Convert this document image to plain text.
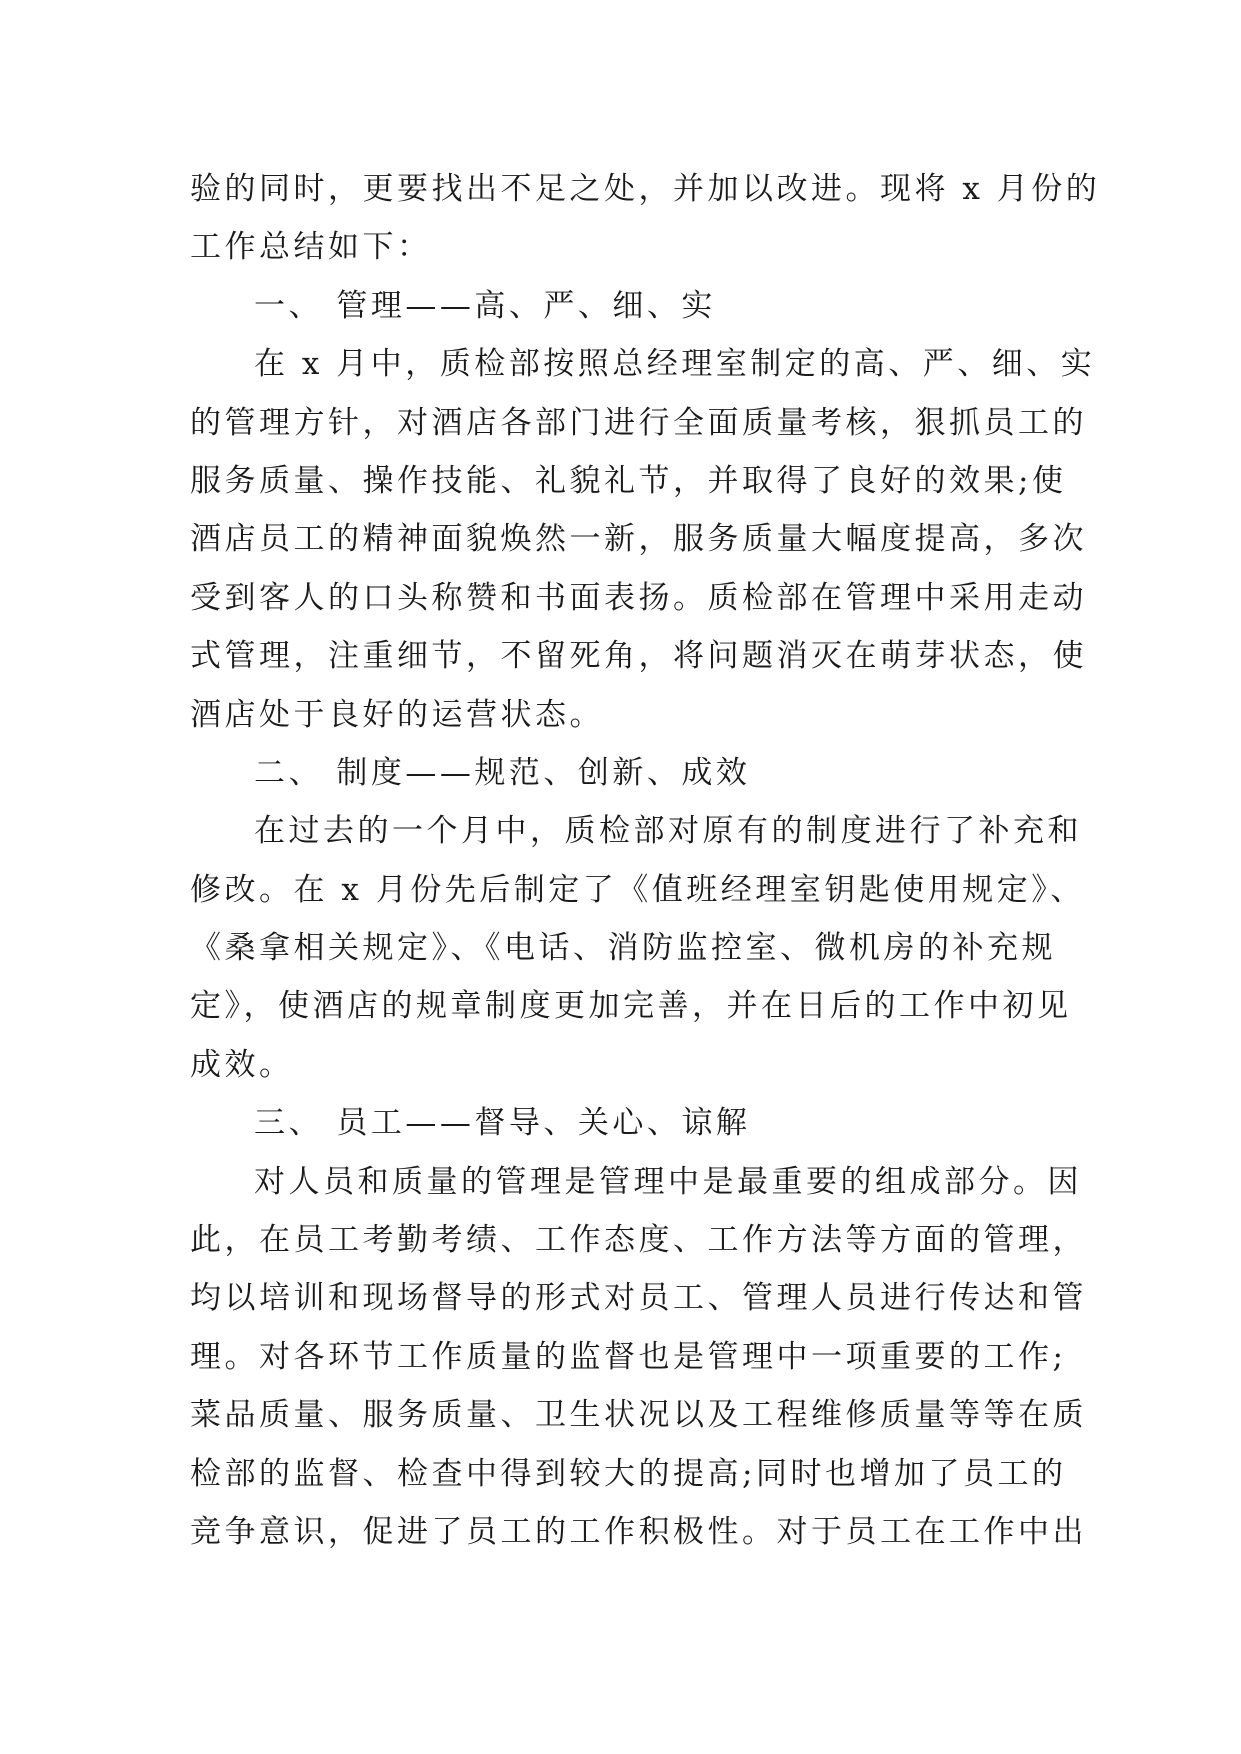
验的同时，更要找出不足之处，并加以改进。现将 x 月份的
工作总结如下：
一、 管理——高、严、细、实
在 x 月中，质检部按照总经理室制定的高、严、细、实
的管理方针，对酒店各部门进行全面质量考核，狠抓员工的
服务质量、操作技能、礼貌礼节，并取得了良好的效果;使
酒店员工的精神面貌焕然一新，服务质量大幅度提高，多次
受到客人的口头称赞和书面表扬。质检部在管理中采用走动
式管理，注重细节，不留死角，将问题消灭在萌芽状态，使
酒店处于良好的运营状态。
二、 制度——规范、创新、成效
在过去的一个月中，质检部对原有的制度进行了补充和
修改。在 x 月份先后制定了《值班经理室钥匙使用规定》、
《桑拿相关规定》、《电话、消防监控室、微机房的补充规
定》，使酒店的规章制度更加完善，并在日后的工作中初见
成效。
三、 员工——督导、关心、谅解
对人员和质量的管理是管理中是最重要的组成部分。因
此，在员工考勤考绩、工作态度、工作方法等方面的管理，
均以培训和现场督导的形式对员工、管理人员进行传达和管
理。对各环节工作质量的监督也是管理中一项重要的工作;
菜品质量、服务质量、卫生状况以及工程维修质量等等在质
检部的监督、检查中得到较大的提高;同时也增加了员工的
竞争意识，促进了员工的工作积极性。对于员工在工作中出
